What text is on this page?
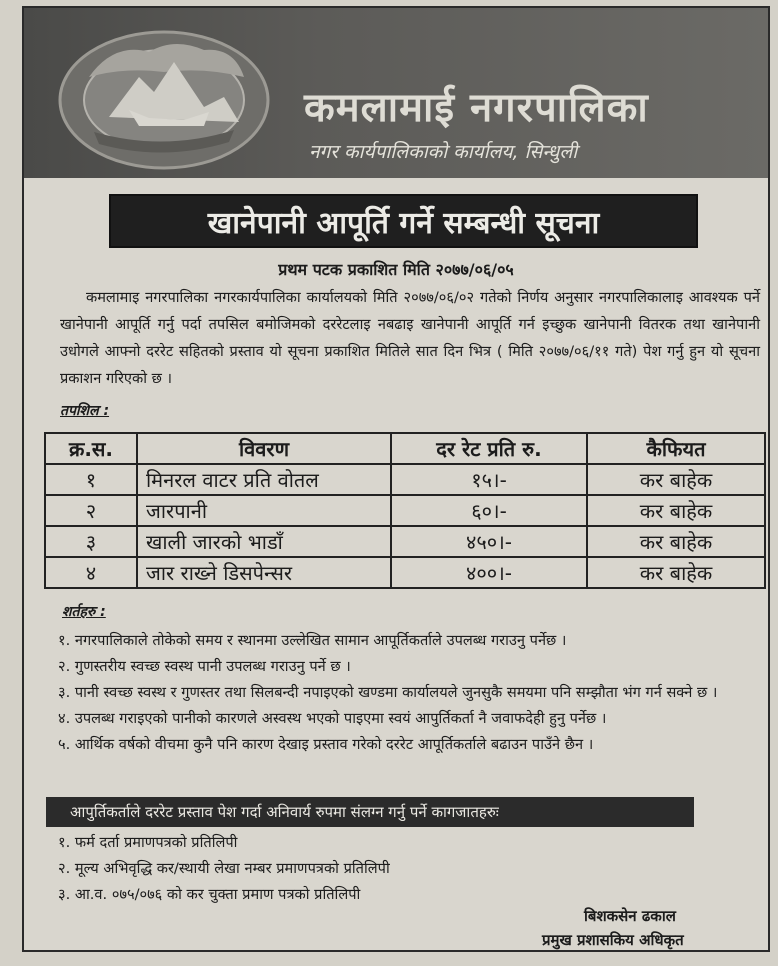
कमलामाई नगरपालिका
नगर कार्यपालिकाको कार्यालय, सिन्धुली
खानेपानी आपूर्ति गर्ने सम्बन्धी सूचना
प्रथम पटक प्रकाशित मिति २०७७/०६/०५
कमलामाइ नगरपालिका नगरकार्यपालिका कार्यालयको मिति २०७७/०६/०२ गतेको निर्णय अनुसार नगरपालिकालाइ आवश्यक पर्ने खानेपानी आपूर्ति गर्नु पर्दा तपसिल बमोजिमको दररेटलाइ नबढाइ खानेपानी आपूर्ति गर्न इच्छुक खानेपानी वितरक तथा खानेपानी उधोगले आफ्नो दररेट सहितको प्रस्ताव यो सूचना प्रकाशित मितिले सात दिन भित्र ( मिति २०७७/०६/११ गते) पेश गर्नु हुन यो सूचना प्रकाशन गरिएको छ ।
तपशिल :
क्र.स.	विवरण	दर रेट प्रति रु.	कैफियत
१	मिनरल वाटर प्रति वोतल	१५।-	कर बाहेक
२	जारपानी	६०।-	कर बाहेक
३	खाली जारको भाडाँ	४५०।-	कर बाहेक
४	जार राख्ने डिसपेन्सर	४००।-	कर बाहेक
शर्तहरु :
१. नगरपालिकाले तोकेको समय र स्थानमा उल्लेखित सामान आपूर्तिकर्ताले उपलब्ध गराउनु पर्नेछ ।
२. गुणस्तरीय स्वच्छ स्वस्थ पानी उपलब्ध गराउनु पर्ने छ ।
३. पानी स्वच्छ स्वस्थ र गुणस्तर तथा सिलबन्दी नपाइएको खण्डमा कार्यालयले जुनसुकै समयमा पनि सम्झौता भंग गर्न सक्ने छ ।
४. उपलब्ध गराइएको पानीको कारणले अस्वस्थ भएको पाइएमा स्वयं आपुर्तिकर्ता नै जवाफदेही हुनु पर्नेछ ।
५. आर्थिक वर्षको वीचमा कुनै पनि कारण देखाइ प्रस्ताव गरेको दररेट आपूर्तिकर्ताले बढाउन पाउँने छैन ।
आपुर्तिकर्ताले दररेट प्रस्ताव पेश गर्दा अनिवार्य रुपमा संलग्न गर्नु पर्ने कागजातहरुः
१. फर्म दर्ता प्रमाणपत्रको प्रतिलिपी
२. मूल्य अभिवृद्धि कर/स्थायी लेखा नम्बर प्रमाणपत्रको प्रतिलिपी
३. आ.व. ०७५/०७६ को कर चुक्ता प्रमाण पत्रको प्रतिलिपी
बिशकसेन ढकाल
प्रमुख प्रशासकिय अधिकृत
